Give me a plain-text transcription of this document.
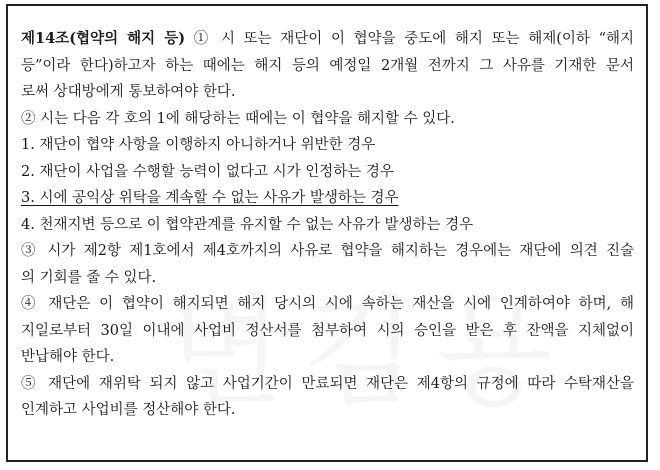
제14조(협약의 해지 등) ① 시 또는 재단이 이 협약을 중도에 해지 또는 해제(이하 “해지
등”이라 한다)하고자 하는 때에는 해지 등의 예정일 2개월 전까지 그 사유를 기재한 문서
로써 상대방에게 통보하여야 한다.
② 시는 다음 각 호의 1에 해당하는 때에는 이 협약을 해지할 수 있다.
1. 재단이 협약 사항을 이행하지 아니하거나 위반한 경우
2. 재단이 사업을 수행할 능력이 없다고 시가 인정하는 경우
3. 시에 공익상 위탁을 계속할 수 없는 사유가 발생하는 경우
4. 천재지변 등으로 이 협약관계를 유지할 수 없는 사유가 발생하는 경우
③ 시가 제2항 제1호에서 제4호까지의 사유로 협약을 해지하는 경우에는 재단에 의견 진술
의 기회를 줄 수 있다.
④ 재단은 이 협약이 해지되면 해지 당시의 시에 속하는 재산을 시에 인계하여야 하며, 해
지일로부터 30일 이내에 사업비 정산서를 첨부하여 시의 승인을 받은 후 잔액을 지체없이
반납해야 한다.
⑤ 재단에 재위탁 되지 않고 사업기간이 만료되면 재단은 제4항의 규정에 따라 수탁재산을
인계하고 사업비를 정산해야 한다.
